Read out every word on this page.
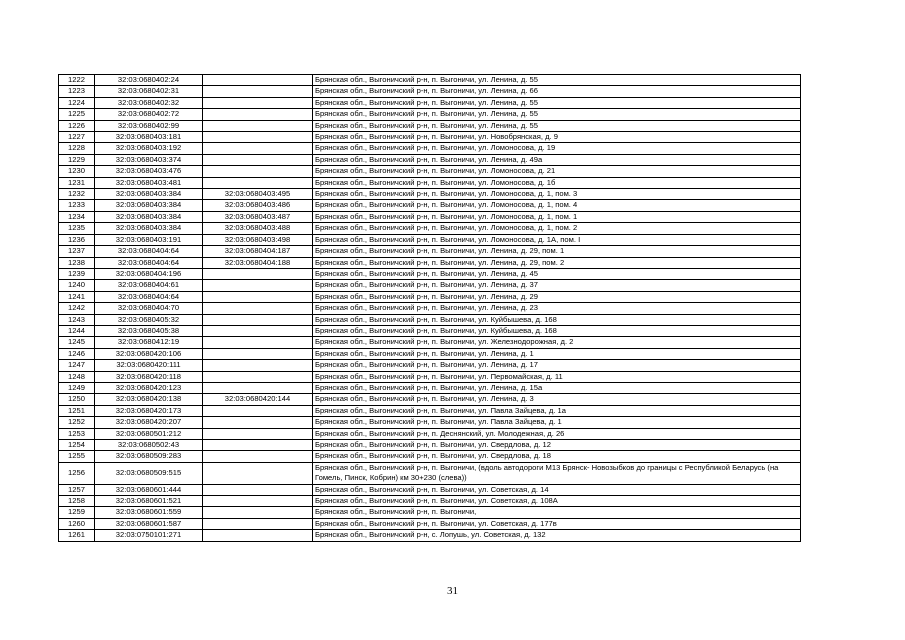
1222	32:03:0680402:24		Брянская обл., Выгоничский р-н, п. Выгоничи, ул. Ленина, д. 55
1223	32:03:0680402:31		Брянская обл., Выгоничский р-н, п. Выгоничи, ул. Ленина, д. 66
1224	32:03:0680402:32		Брянская обл., Выгоничский р-н, п. Выгоничи, ул. Ленина, д. 55
1225	32:03:0680402:72		Брянская обл., Выгоничский р-н, п. Выгоничи, ул. Ленина, д. 55
1226	32:03:0680402:99		Брянская обл., Выгоничский р-н, п. Выгоничи, ул. Ленина, д. 55
1227	32:03:0680403:181		Брянская обл., Выгоничский р-н, п. Выгоничи, ул. Новобрянская, д. 9
1228	32:03:0680403:192		Брянская обл., Выгоничский р-н, п. Выгоничи, ул. Ломоносова, д. 19
1229	32:03:0680403:374		Брянская обл., Выгоничский р-н, п. Выгоничи, ул. Ленина, д. 49а
1230	32:03:0680403:476		Брянская обл., Выгоничский р-н, п. Выгоничи, ул. Ломоносова, д. 21
1231	32:03:0680403:481		Брянская обл., Выгоничский р-н, п. Выгоничи, ул. Ломоносова, д. 1б
1232	32:03:0680403:384	32:03:0680403:495	Брянская обл., Выгоничский р-н, п. Выгоничи, ул. Ломоносова, д. 1, пом. 3
1233	32:03:0680403:384	32:03:0680403:486	Брянская обл., Выгоничский р-н, п. Выгоничи, ул. Ломоносова, д. 1, пом. 4
1234	32:03:0680403:384	32:03:0680403:487	Брянская обл., Выгоничский р-н, п. Выгоничи, ул. Ломоносова, д. 1, пом. 1
1235	32:03:0680403:384	32:03:0680403:488	Брянская обл., Выгоничский р-н, п. Выгоничи, ул. Ломоносова, д. 1, пом. 2
1236	32:03:0680403:191	32:03:0680403:498	Брянская обл., Выгоничский р-н, п. Выгоничи, ул. Ломоносова, д. 1А, пом. I
1237	32:03:0680404:64	32:03:0680404:187	Брянская обл., Выгоничский р-н, п. Выгоничи, ул. Ленина, д. 29, пом. 1
1238	32:03:0680404:64	32:03:0680404:188	Брянская обл., Выгоничский р-н, п. Выгоничи, ул. Ленина, д. 29, пом. 2
1239	32:03:0680404:196		Брянская обл., Выгоничский р-н, п. Выгоничи, ул. Ленина, д. 45
1240	32:03:0680404:61		Брянская обл., Выгоничский р-н, п. Выгоничи, ул. Ленина, д. 37
1241	32:03:0680404:64		Брянская обл., Выгоничский р-н, п. Выгоничи, ул. Ленина, д. 29
1242	32:03:0680404:70		Брянская обл., Выгоничский р-н, п. Выгоничи, ул. Ленина, д. 23
1243	32:03:0680405:32		Брянская обл., Выгоничский р-н, п. Выгоничи, ул. Куйбышева, д. 168
1244	32:03:0680405:38		Брянская обл., Выгоничский р-н, п. Выгоничи, ул. Куйбышева, д. 168
1245	32:03:0680412:19		Брянская обл., Выгоничский р-н, п. Выгоничи, ул. Железнодорожная, д. 2
1246	32:03:0680420:106		Брянская обл., Выгоничский р-н, п. Выгоничи, ул. Ленина, д. 1
1247	32:03:0680420:111		Брянская обл., Выгоничский р-н, п. Выгоничи, ул. Ленина, д. 17
1248	32:03:0680420:118		Брянская обл., Выгоничский р-н, п. Выгоничи, ул. Первомайская, д. 11
1249	32:03:0680420:123		Брянская обл., Выгоничский р-н, п. Выгоничи, ул. Ленина, д. 15а
1250	32:03:0680420:138	32:03:0680420:144	Брянская обл., Выгоничский р-н, п. Выгоничи, ул. Ленина, д. 3
1251	32:03:0680420:173		Брянская обл., Выгоничский р-н, п. Выгоничи, ул. Павла Зайцева, д. 1а
1252	32:03:0680420:207		Брянская обл., Выгоничский р-н, п. Выгоничи, ул. Павла Зайцева, д. 1
1253	32:03:0680501:212		Брянская обл., Выгоничский р-н, п. Деснянский, ул. Молодежная, д. 26
1254	32:03:0680502:43		Брянская обл., Выгоничский р-н, п. Выгоничи, ул. Свердлова, д. 12
1255	32:03:0680509:283		Брянская обл., Выгоничский р-н, п. Выгоничи, ул. Свердлова, д. 18
1256	32:03:0680509:515		Брянская обл., Выгоничский р-н, п. Выгоничи, (вдоль автодороги М13 Брянск- Новозыбков до границы с Республикой Беларусь (на Гомель, Пинск, Кобрин) км 30+230 (слева))
1257	32:03:0680601:444		Брянская обл., Выгоничский р-н, п. Выгоничи, ул. Советская, д. 14
1258	32:03:0680601:521		Брянская обл., Выгоничский р-н, п. Выгоничи, ул. Советская, д. 108А
1259	32:03:0680601:559		Брянская обл., Выгоничский р-н, п. Выгоничи,
1260	32:03:0680601:587		Брянская обл., Выгоничский р-н, п. Выгоничи, ул. Советская, д. 177в
1261	32:03:0750101:271		Брянская обл., Выгоничский р-н, с. Лопушь, ул. Советская, д. 132
31
